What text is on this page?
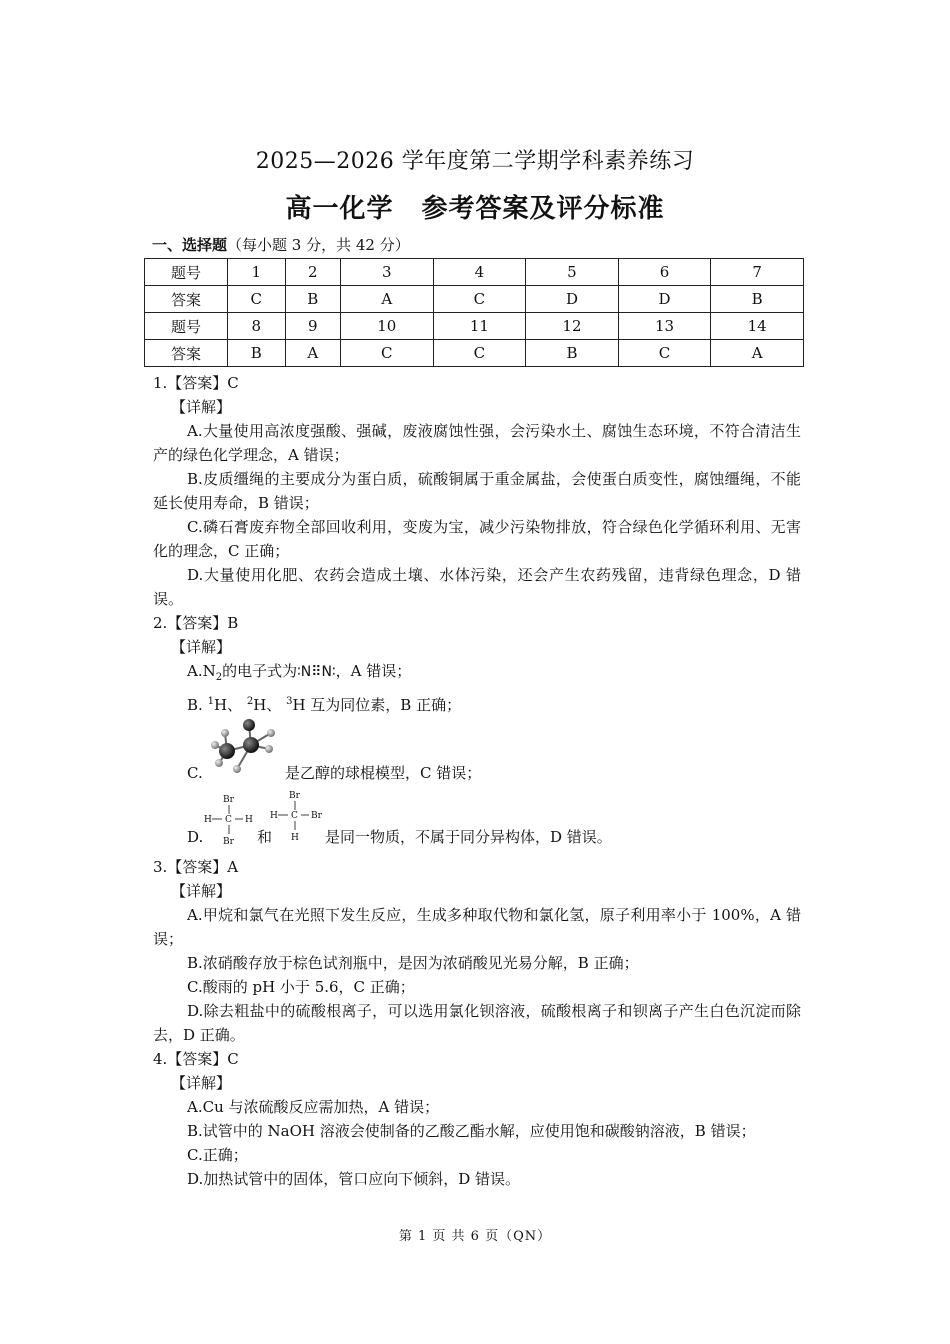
2025—2026 学年度第二学期学科素养练习
高一化学 参考答案及评分标准
一、选择题（每小题 3 分，共 42 分）
题号	1	2	3	4	5	6	7
答案	C	B	A	C	D	D	B
题号	8	9	10	11	12	13	14
答案	B	A	C	C	B	C	A

1.【答案】C

【详解】

A.大量使用高浓度强酸、强碱，废液腐蚀性强，会污染水土、腐蚀生态环境，不符合清洁生产的绿色化学理念，A 错误；

B.皮质缰绳的主要成分为蛋白质，硫酸铜属于重金属盐，会使蛋白质变性，腐蚀缰绳，不能延长使用寿命，B 错误；

C.磷石膏废弃物全部回收利用，变废为宝，减少污染物排放，符合绿色化学循环利用、无害化的理念，C 正确；

D.大量使用化肥、农药会造成土壤、水体污染，还会产生农药残留，违背绿色理念，D 错误。

2.【答案】B

【详解】

$A.N_2$的电子式为∶N⠿N∶，A 错误；

B. $^1$H、 $^2$H、 $^3$H 互为同位素，B 正确；

C.	是乙醇的球棍模型，C 错误；
D.
Br
H C H
Br 和
Br
H C Br
H 是同一物质，不属于同分异构体，D 错误。

3.【答案】A

【详解】

A.甲烷和氯气在光照下发生反应，生成多种取代物和氯化氢，原子利用率小于 100%，A 错误；

B.浓硝酸存放于棕色试剂瓶中，是因为浓硝酸见光易分解，B 正确；

C.酸雨的 pH 小于 5.6，C 正确；

D.除去粗盐中的硫酸根离子，可以选用氯化钡溶液，硫酸根离子和钡离子产生白色沉淀而除去，D 正确。

4.【答案】C

【详解】

A.Cu 与浓硫酸反应需加热，A 错误；

B.试管中的 NaOH 溶液会使制备的乙酸乙酯水解，应使用饱和碳酸钠溶液，B 错误；

C.正确；

D.加热试管中的固体，管口应向下倾斜，D 错误。

第 1 页 共 6 页（QN）
